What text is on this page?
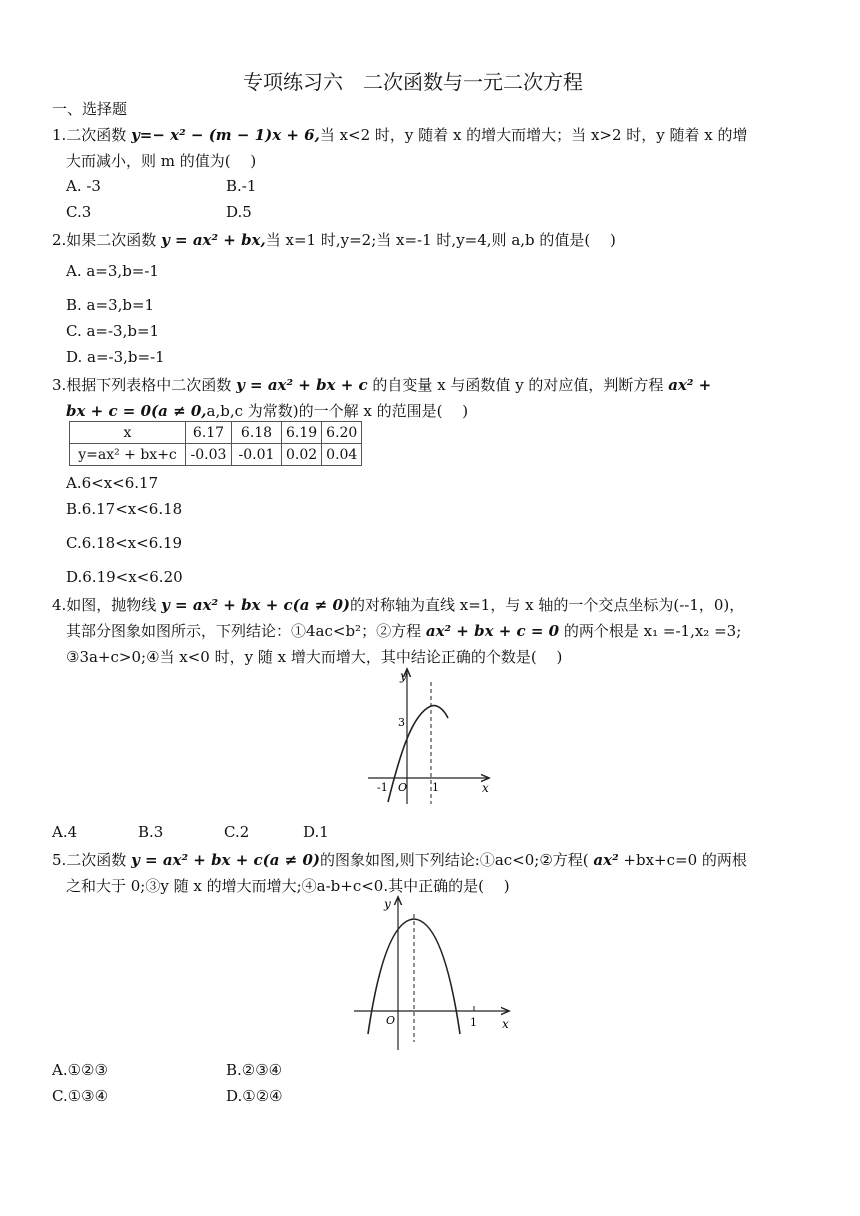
专项练习六　二次函数与一元二次方程
一、选择题
1.二次函数 y=− x² − (m − 1)x + 6,当 x<2 时，y 随着 x 的增大而增大；当 x>2 时，y 随着 x 的增
大而减小，则 m 的值为(　 )
A. -3	B.-1
C.3	D.5
2.如果二次函数 y = ax² + bx,当 x=1 时,y=2;当 x=-1 时,y=4,则 a,b 的值是(　 )
A. a=3,b=-1
B. a=3,b=1
C. a=-3,b=1
D. a=-3,b=-1
3.根据下列表格中二次函数 y = ax² + bx + c 的自变量 x 与函数值 y 的对应值，判断方程 ax² +
bx + c = 0(a ≠ 0,a,b,c 为常数)的一个解 x 的范围是(　 )
x	6.17	6.18	6.19	6.20
y=ax² + bx+c	-0.03	-0.01	0.02	0.04
A.6<x<6.17
B.6.17<x<6.18
C.6.18<x<6.19
D.6.19<x<6.20
4.如图，抛物线 y = ax² + bx + c(a ≠ 0)的对称轴为直线 x=1，与 x 轴的一个交点坐标为(--1，0)，
其部分图象如图所示，下列结论：①4ac<b²；②方程 ax² + bx + c = 0 的两个根是 x₁ =-1,x₂ =3;
③3a+c>0;④当 x<0 时，y 随 x 增大而增大，其中结论正确的个数是(　 )
y
x
3
-1 O 1
A.4	B.3	C.2	D.1
5.二次函数 y = ax² + bx + c(a ≠ 0)的图象如图,则下列结论:①ac<0;②方程( ax² +bx+c=0 的两根
之和大于 0;③y 随 x 的增大而增大;④a-b+c<0.其中正确的是(　 )
y
x
O	1
A.①②③	B.②③④
C.①③④	D.①②④
